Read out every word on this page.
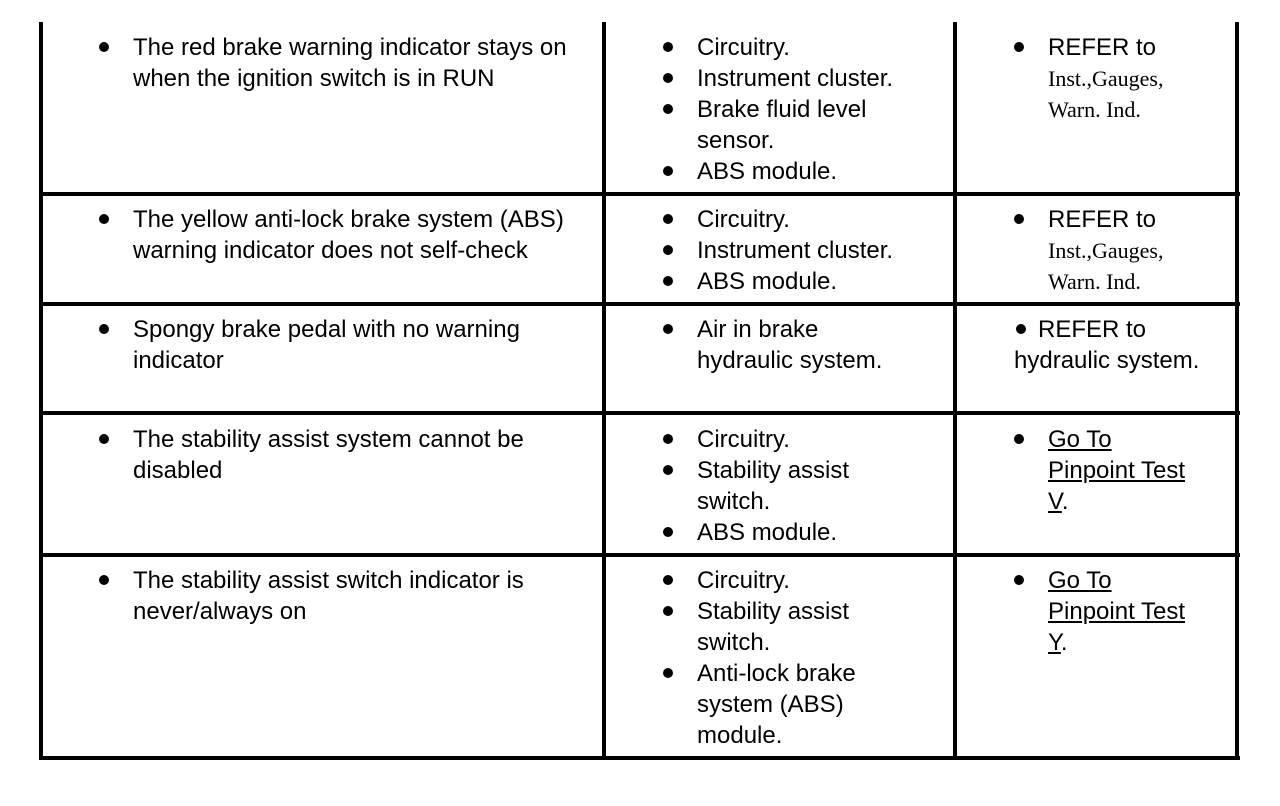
The red brake warning indicator stays on when the ignition switch is in RUN
Circuitry.
Instrument cluster.
Brake fluid level sensor.
ABS module.
REFER to
Inst.,Gauges,
Warn. Ind.
The yellow anti-lock brake system (ABS) warning indicator does not self-check
Circuitry.
Instrument cluster.
ABS module.
REFER to
Inst.,Gauges,
Warn. Ind.
Spongy brake pedal with no warning indicator
Air in brake hydraulic system.
REFER to
hydraulic system.
The stability assist system cannot be disabled
Circuitry.
Stability assist switch.
ABS module.
Go To
Pinpoint Test
V.
The stability assist switch indicator is never/always on
Circuitry.
Stability assist switch.
Anti-lock brake system (ABS) module.
Go To
Pinpoint Test
Y.
